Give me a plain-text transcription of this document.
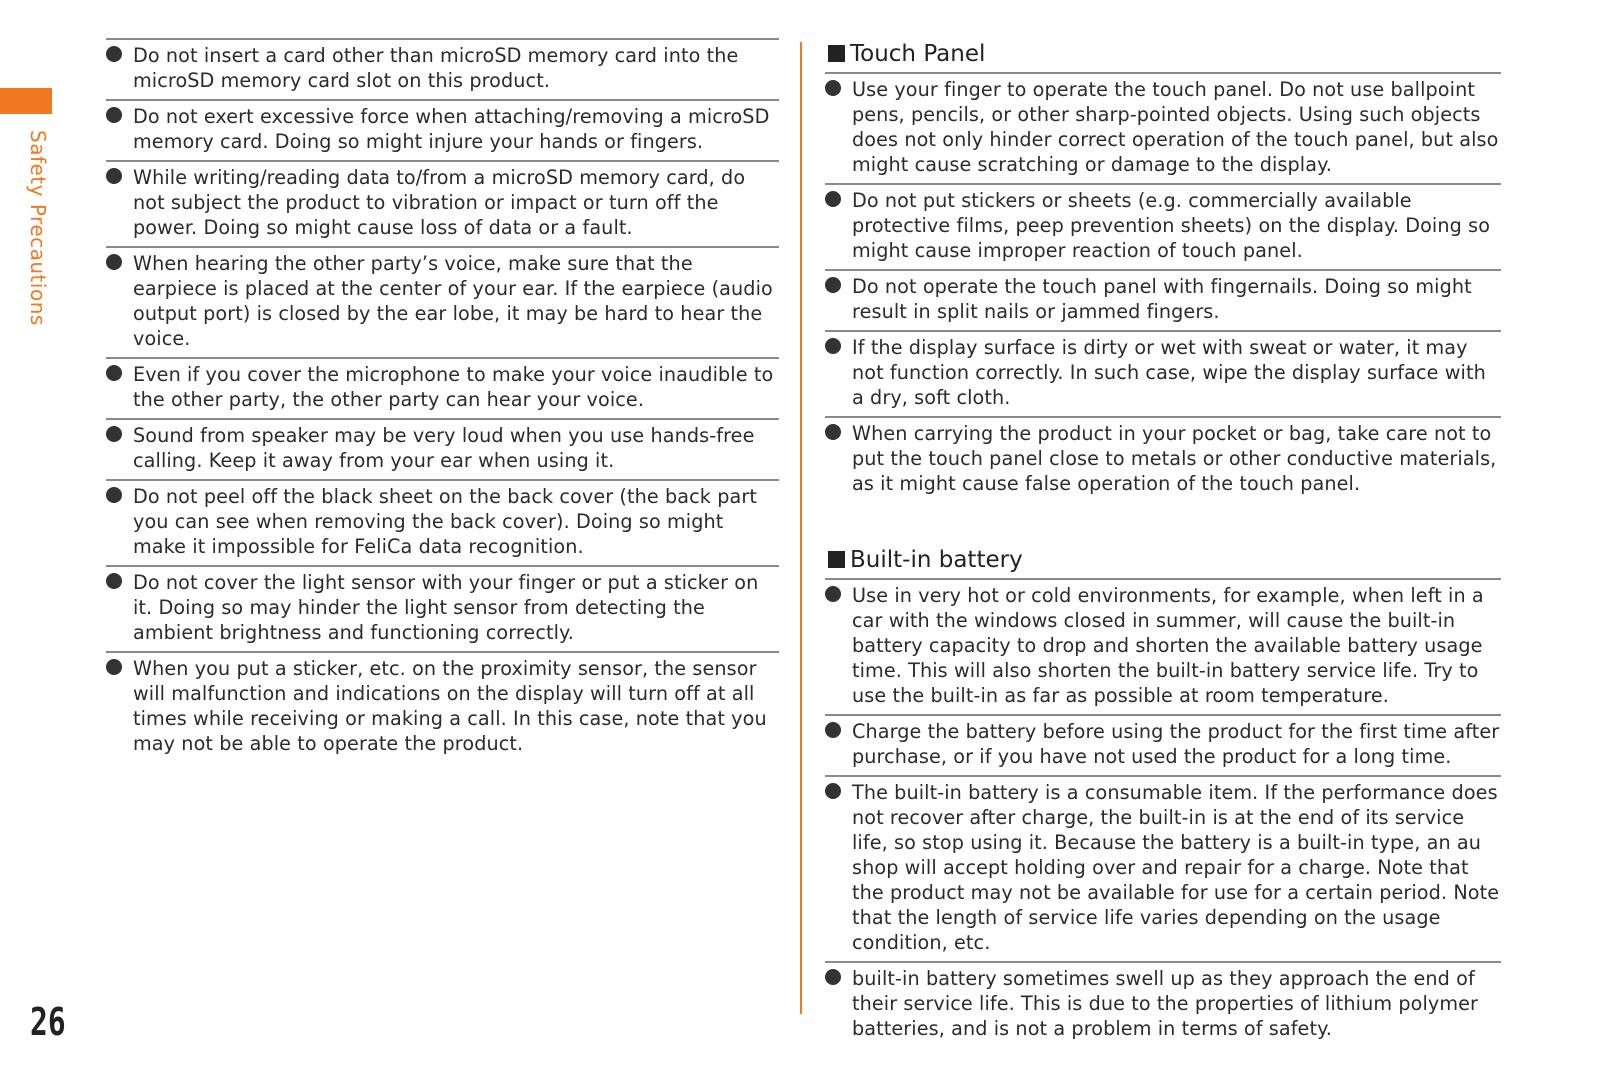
Safety Precautions
Do not insert a card other than microSD memory card into the microSD memory card slot on this product.
Do not exert excessive force when attaching/removing a microSD memory card. Doing so might injure your hands or fingers.
While writing/reading data to/from a microSD memory card, do not subject the product to vibration or impact or turn off the power. Doing so might cause loss of data or a fault.
When hearing the other party’s voice, make sure that the earpiece is placed at the center of your ear. If the earpiece (audio output port) is closed by the ear lobe, it may be hard to hear the voice.
Even if you cover the microphone to make your voice inaudible to the other party, the other party can hear your voice.
Sound from speaker may be very loud when you use hands-free calling. Keep it away from your ear when using it.
Do not peel off the black sheet on the back cover (the back part you can see when removing the back cover). Doing so might make it impossible for FeliCa data recognition.
Do not cover the light sensor with your finger or put a sticker on it. Doing so may hinder the light sensor from detecting the ambient brightness and functioning correctly.
When you put a sticker, etc. on the proximity sensor, the sensor will malfunction and indications on the display will turn off at all times while receiving or making a call. In this case, note that you may not be able to operate the product.
Touch Panel
Use your finger to operate the touch panel. Do not use ballpoint pens, pencils, or other sharp-pointed objects. Using such objects does not only hinder correct operation of the touch panel, but also might cause scratching or damage to the display.
Do not put stickers or sheets (e.g. commercially available protective films, peep prevention sheets) on the display. Doing so might cause improper reaction of touch panel.
Do not operate the touch panel with fingernails. Doing so might result in split nails or jammed fingers.
If the display surface is dirty or wet with sweat or water, it may not function correctly. In such case, wipe the display surface with a dry, soft cloth.
When carrying the product in your pocket or bag, take care not to put the touch panel close to metals or other conductive materials, as it might cause false operation of the touch panel.
Built-in battery
Use in very hot or cold environments, for example, when left in a car with the windows closed in summer, will cause the built-in battery capacity to drop and shorten the available battery usage time. This will also shorten the built-in battery service life. Try to use the built-in as far as possible at room temperature.
Charge the battery before using the product for the first time after purchase, or if you have not used the product for a long time.
The built-in battery is a consumable item. If the performance does not recover after charge, the built-in is at the end of its service life, so stop using it. Because the battery is a built-in type, an au shop will accept holding over and repair for a charge. Note that the product may not be available for use for a certain period. Note that the length of service life varies depending on the usage condition, etc.
built-in battery sometimes swell up as they approach the end of their service life. This is due to the properties of lithium polymer batteries, and is not a problem in terms of safety.
26
